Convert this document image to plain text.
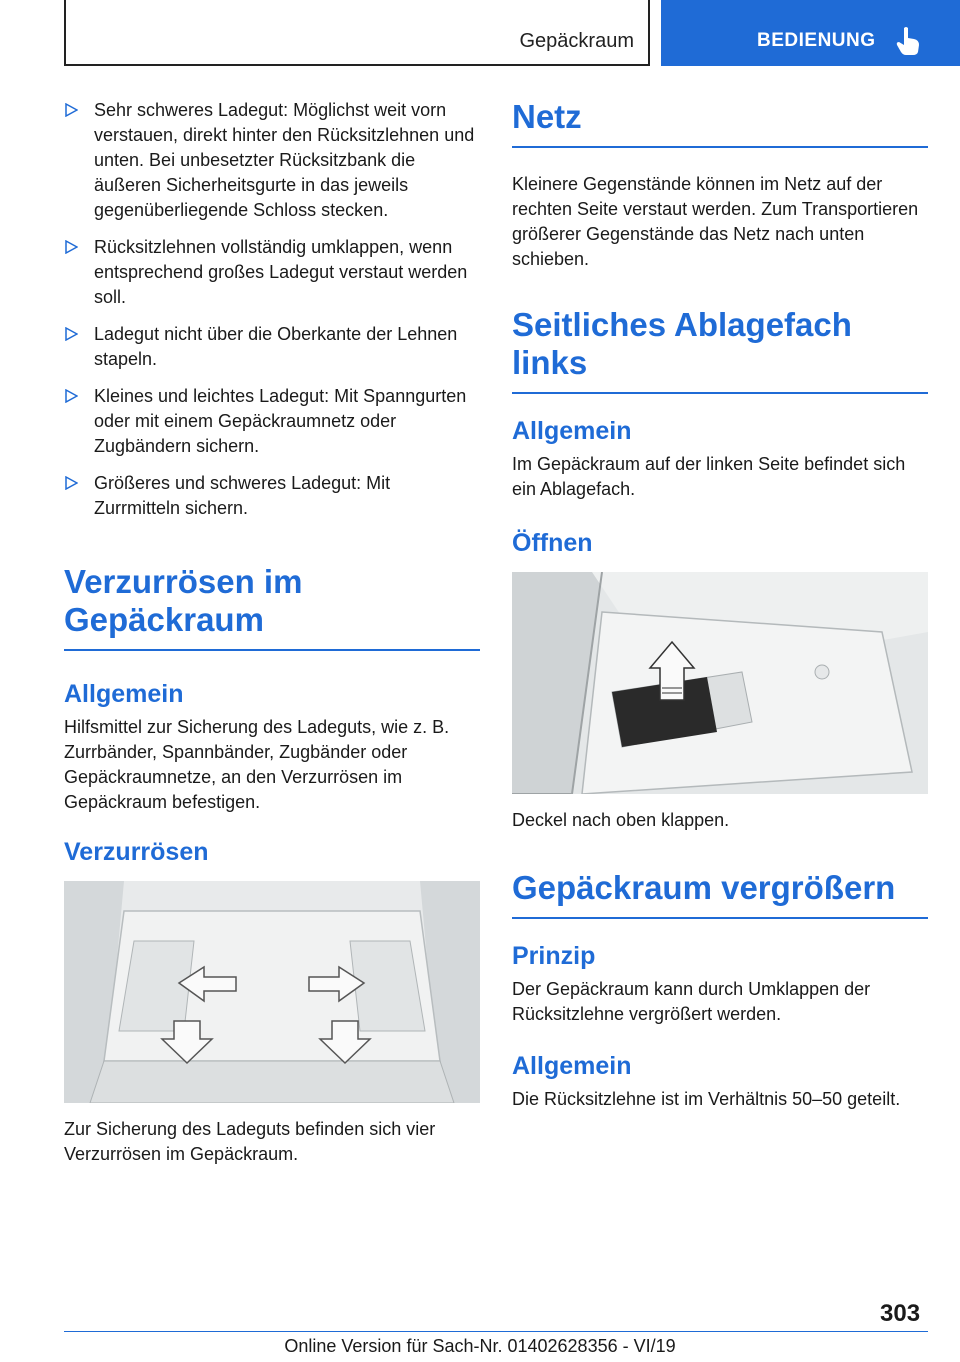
Gepäckraum	BEDIENUNG
Sehr schweres Ladegut: Möglichst weit vorn verstauen, direkt hinter den Rücksitzlehnen und unten. Bei unbesetzter Rücksitzbank die äußeren Sicherheitsgurte in das jeweils gegenüberliegende Schloss stecken.
Rücksitzlehnen vollständig umklappen, wenn entsprechend großes Ladegut verstaut werden soll.
Ladegut nicht über die Oberkante der Lehnen stapeln.
Kleines und leichtes Ladegut: Mit Spanngurten oder mit einem Gepäckraumnetz oder Zugbändern sichern.
Größeres und schweres Ladegut: Mit Zurrmitteln sichern.
Verzurrösen im Gepäckraum
Allgemein

Hilfsmittel zur Sicherung des Ladeguts, wie z. B. Zurrbänder, Spannbänder, Zugbänder oder Gepäckraumnetze, an den Verzurrösen im Gepäckraum befestigen.

Verzurrösen

Zur Sicherung des Ladeguts befinden sich vier Verzurrösen im Gepäckraum.

Netz

Kleinere Gegenstände können im Netz auf der rechten Seite verstaut werden. Zum Transportieren größerer Gegenstände das Netz nach unten schieben.

Seitliches Ablagefach links
Allgemein

Im Gepäckraum auf der linken Seite befindet sich ein Ablagefach.

Öffnen

Deckel nach oben klappen.

Gepäckraum vergrößern
Prinzip

Der Gepäckraum kann durch Umklappen der Rücksitzlehne vergrößert werden.

Allgemein

Die Rücksitzlehne ist im Verhältnis 50–50 geteilt.

303
Online Version für Sach-Nr. 01402628356 - VI/19
